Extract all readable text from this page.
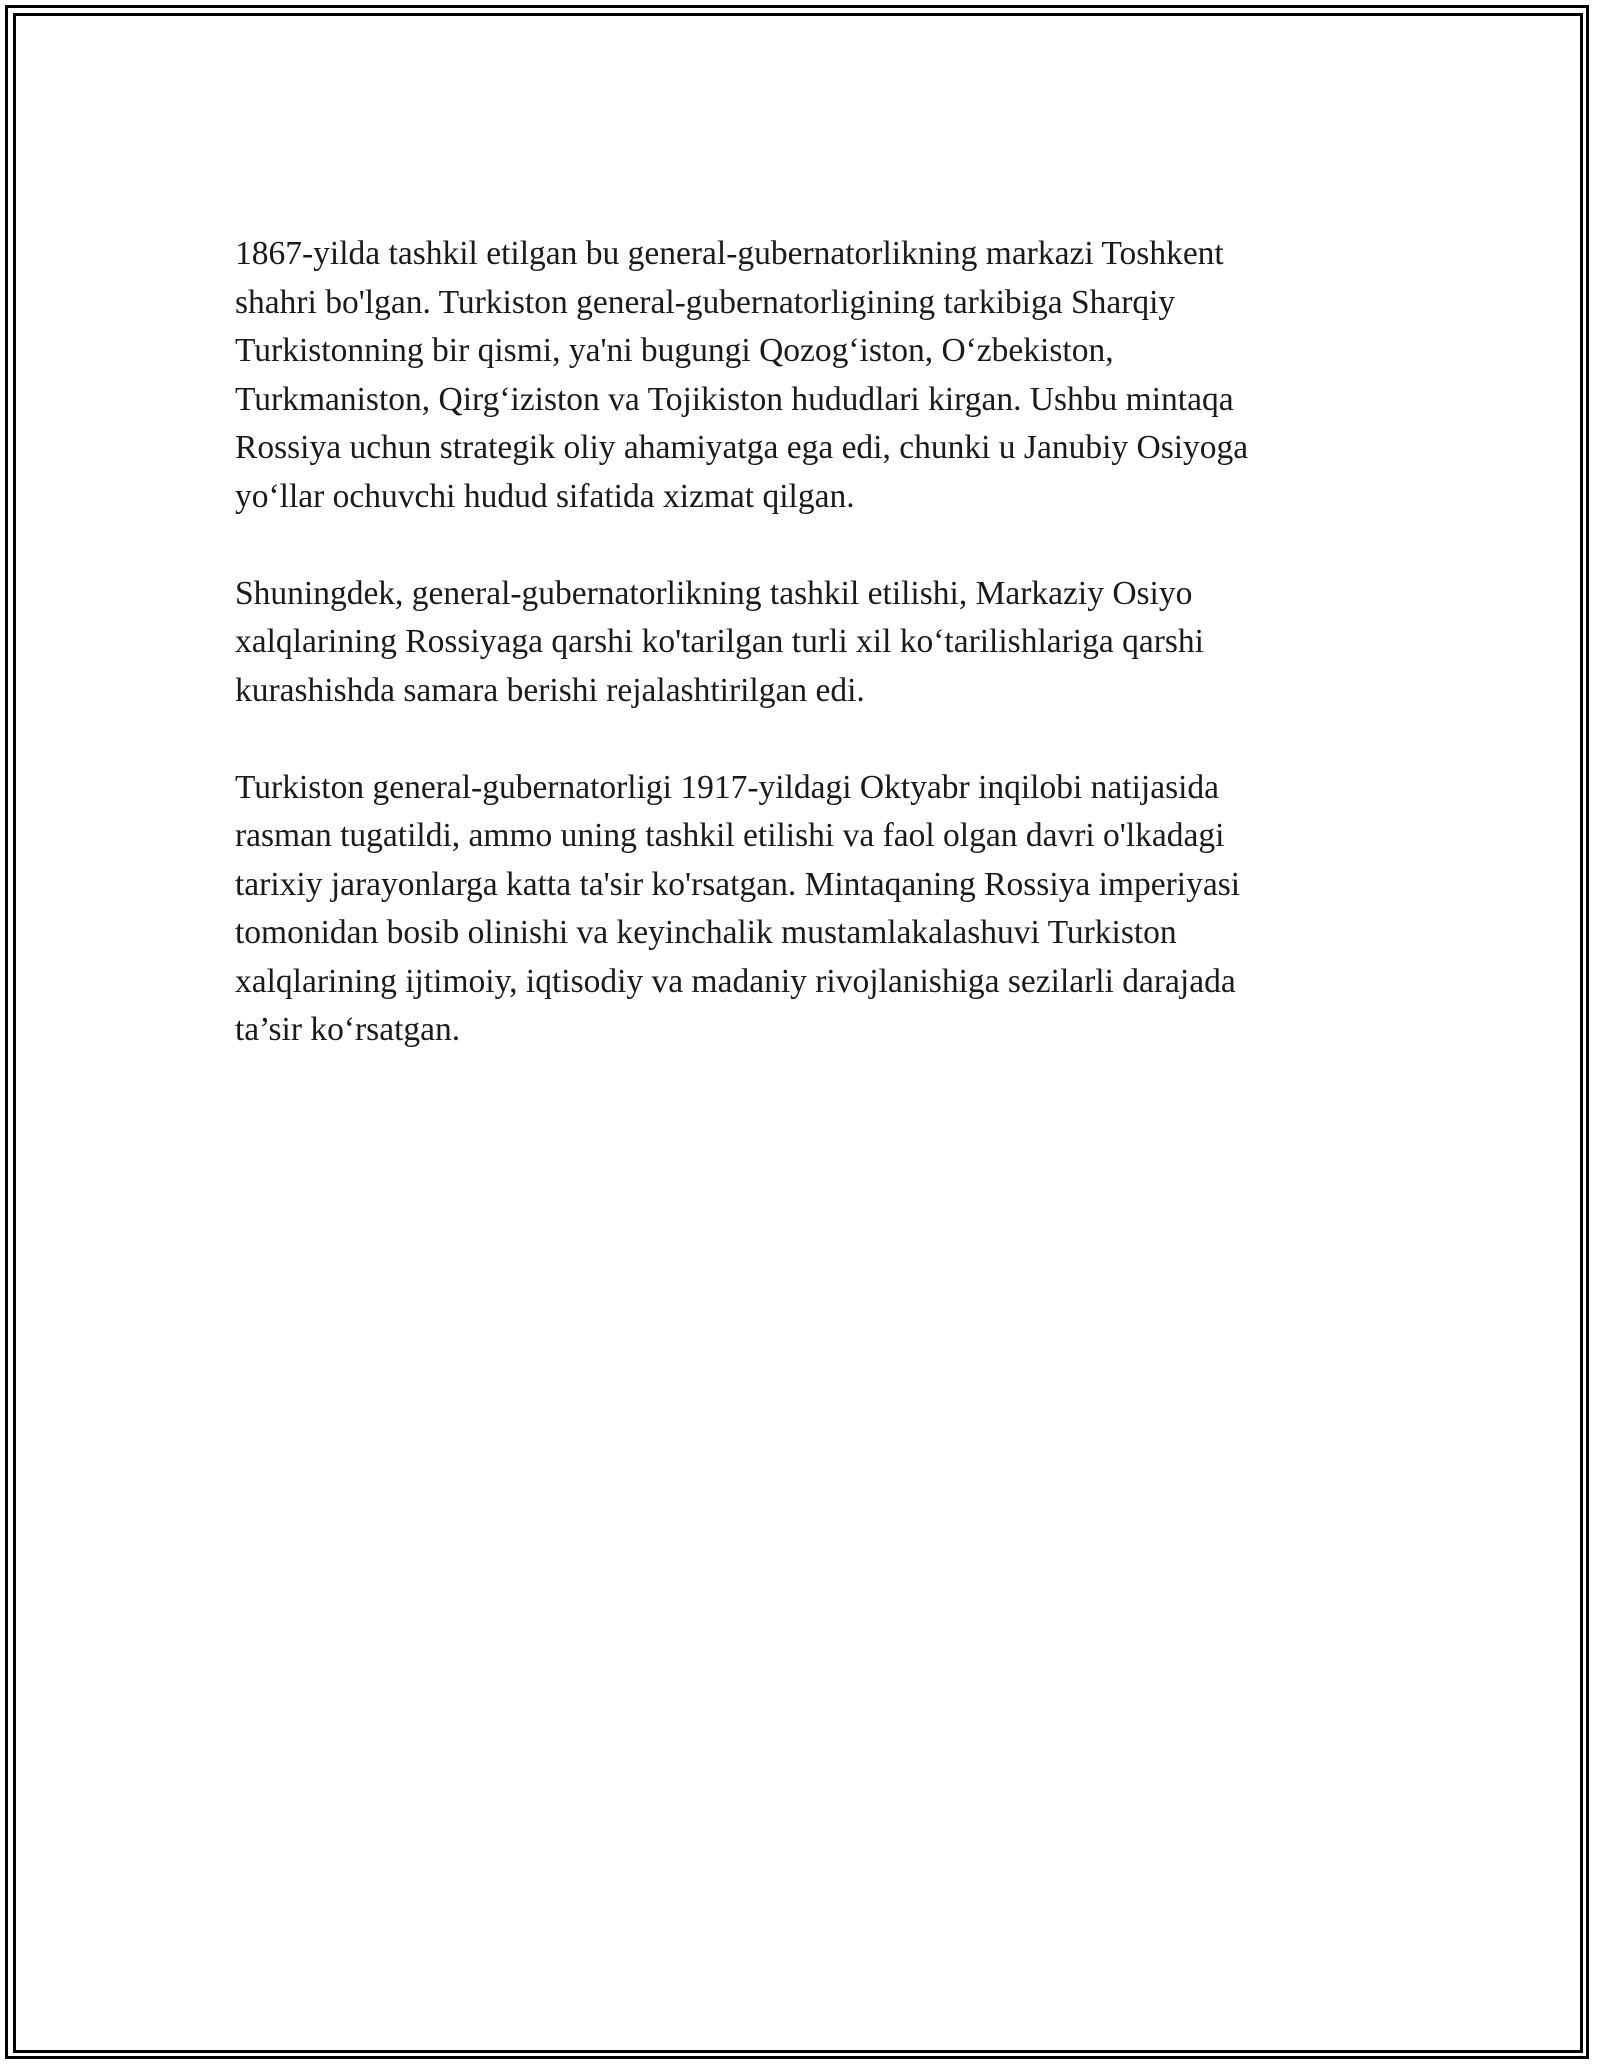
1867-yilda tashkil etilgan bu general-gubernatorlikning markazi Toshkent
shahri bo'lgan. Turkiston general-gubernatorligining tarkibiga Sharqiy
Turkistonning bir qismi, ya'ni bugungi Qozog‘iston, O‘zbekiston,
Turkmaniston, Qirg‘iziston va Tojikiston hududlari kirgan. Ushbu mintaqa
Rossiya uchun strategik oliy ahamiyatga ega edi, chunki u Janubiy Osiyoga
yo‘llar ochuvchi hudud sifatida xizmat qilgan.

Shuningdek, general-gubernatorlikning tashkil etilishi, Markaziy Osiyo
xalqlarining Rossiyaga qarshi ko'tarilgan turli xil ko‘tarilishlariga qarshi
kurashishda samara berishi rejalashtirilgan edi.

Turkiston general-gubernatorligi 1917-yildagi Oktyabr inqilobi natijasida
rasman tugatildi, ammo uning tashkil etilishi va faol olgan davri o'lkadagi
tarixiy jarayonlarga katta ta'sir ko'rsatgan. Mintaqaning Rossiya imperiyasi
tomonidan bosib olinishi va keyinchalik mustamlakalashuvi Turkiston
xalqlarining ijtimoiy, iqtisodiy va madaniy rivojlanishiga sezilarli darajada
ta’sir ko‘rsatgan.
